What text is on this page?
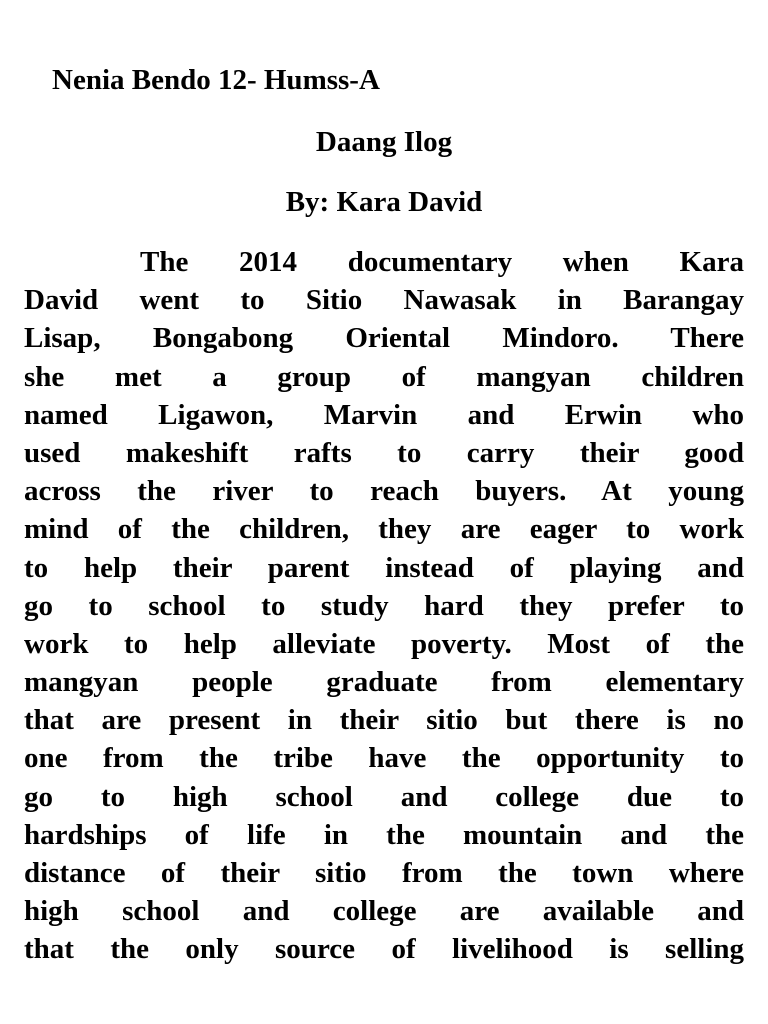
Nenia Bendo 12- Humss-A
Daang Ilog
By: Kara David
The 2014 documentary when Kara
David went to Sitio Nawasak in Barangay
Lisap, Bongabong Oriental Mindoro. There
she met a group of mangyan children
named Ligawon, Marvin and Erwin who
used makeshift rafts to carry their good
across the river to reach buyers. At young
mind of the children, they are eager to work
to help their parent instead of playing and
go to school to study hard they prefer to
work to help alleviate poverty. Most of the
mangyan people graduate from elementary
that are present in their sitio but there is no
one from the tribe have the opportunity to
go to high school and college due to
hardships of life in the mountain and the
distance of their sitio from the town where
high school and college are available and
that the only source of livelihood is selling
